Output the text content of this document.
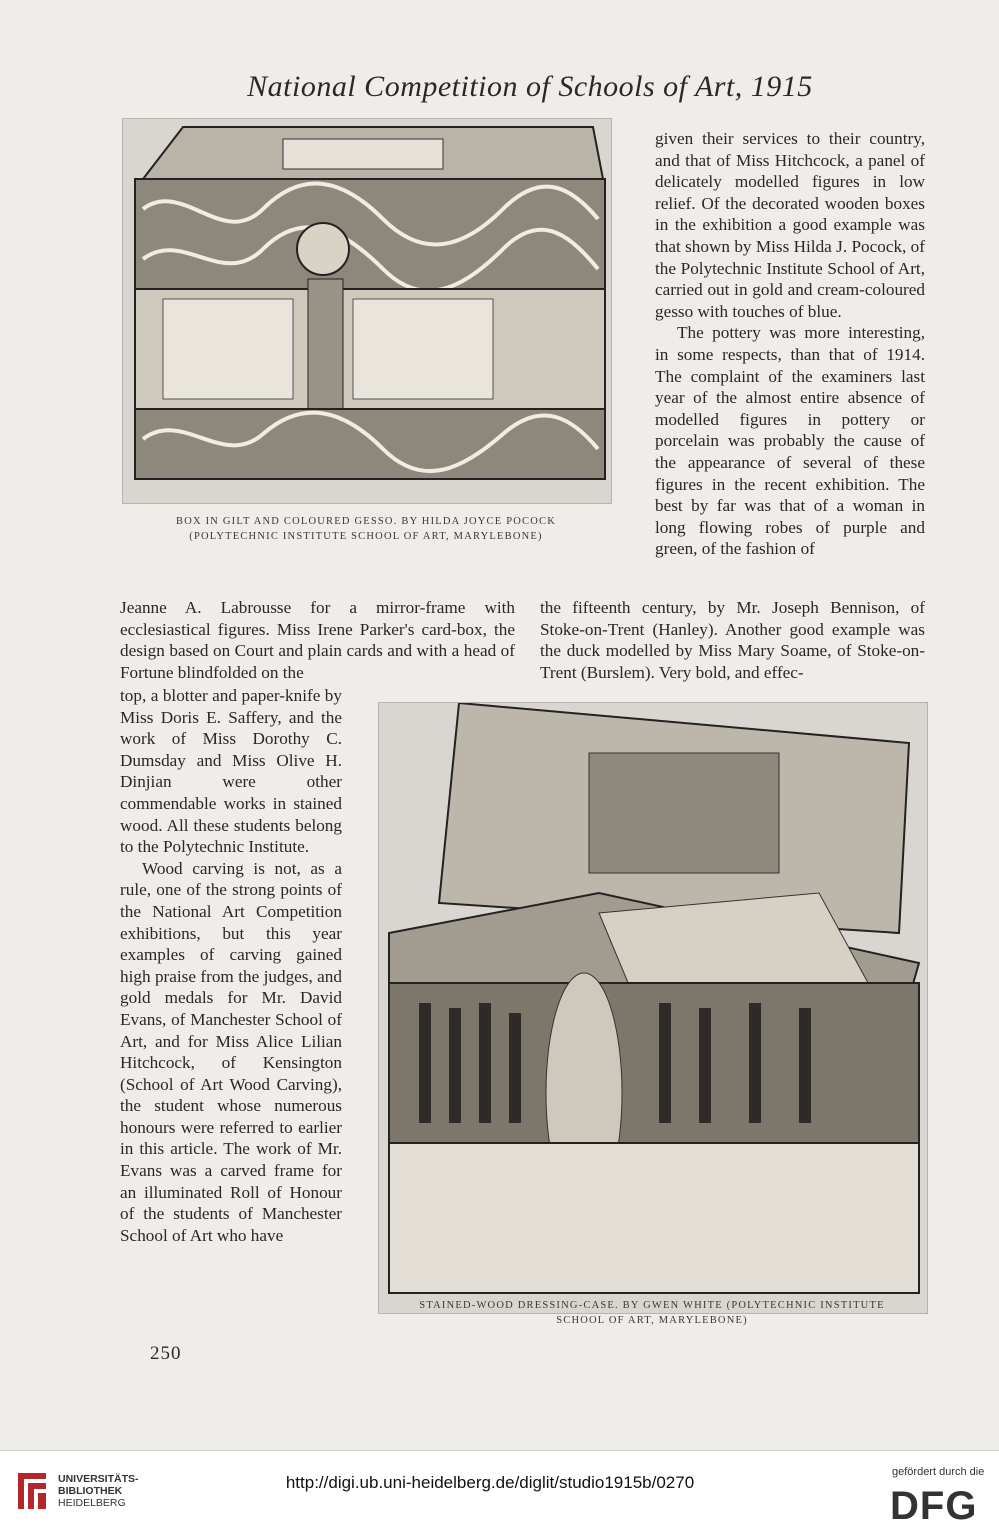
National Competition of Schools of Art, 1915
BOX IN GILT AND COLOURED GESSO. BY HILDA JOYCE POCOCK
(POLYTECHNIC INSTITUTE SCHOOL OF ART, MARYLEBONE)

given their services to their country, and that of Miss Hitchcock, a panel of delicately modelled figures in low relief. Of the decorated wooden boxes in the exhibition a good example was that shown by Miss Hilda J. Pocock, of the Polytechnic Institute School of Art, carried out in gold and cream-coloured gesso with touches of blue.

The pottery was more interesting, in some respects, than that of 1914. The complaint of the examiners last year of the almost entire absence of modelled figures in pottery or porcelain was probably the cause of the appearance of several of these figures in the recent exhibition. The best by far was that of a woman in long flowing robes of purple and green, of the fashion of

Jeanne A. Labrousse for a mirror-frame with ecclesiastical figures. Miss Irene Parker's card-box, the design based on Court and plain cards and with a head of Fortune blindfolded on the

the fifteenth century, by Mr. Joseph Bennison, of Stoke-on-Trent (Hanley). Another good example was the duck modelled by Miss Mary Soame, of Stoke-on-Trent (Burslem). Very bold, and effec-

top, a blotter and paper-knife by Miss Doris E. Saffery, and the work of Miss Dorothy C. Dumsday and Miss Olive H. Dinjian were other commendable works in stained wood. All these students belong to the Polytechnic Institute.

Wood carving is not, as a rule, one of the strong points of the National Art Competition exhibitions, but this year examples of carving gained high praise from the judges, and gold medals for Mr. David Evans, of Manchester School of Art, and for Miss Alice Lilian Hitchcock, of Kensington (School of Art Wood Carving), the student whose numerous honours were referred to earlier in this article. The work of Mr. Evans was a carved frame for an illuminated Roll of Honour of the students of Manchester School of Art who have

STAINED-WOOD DRESSING-CASE. BY GWEN WHITE (POLYTECHNIC INSTITUTE
SCHOOL OF ART, MARYLEBONE)
250
UNIVERSITÄTS-
BIBLIOTHEK
HEIDELBERG
http://digi.ub.uni-heidelberg.de/diglit/studio1915b/0270
gefördert durch die
DFG
